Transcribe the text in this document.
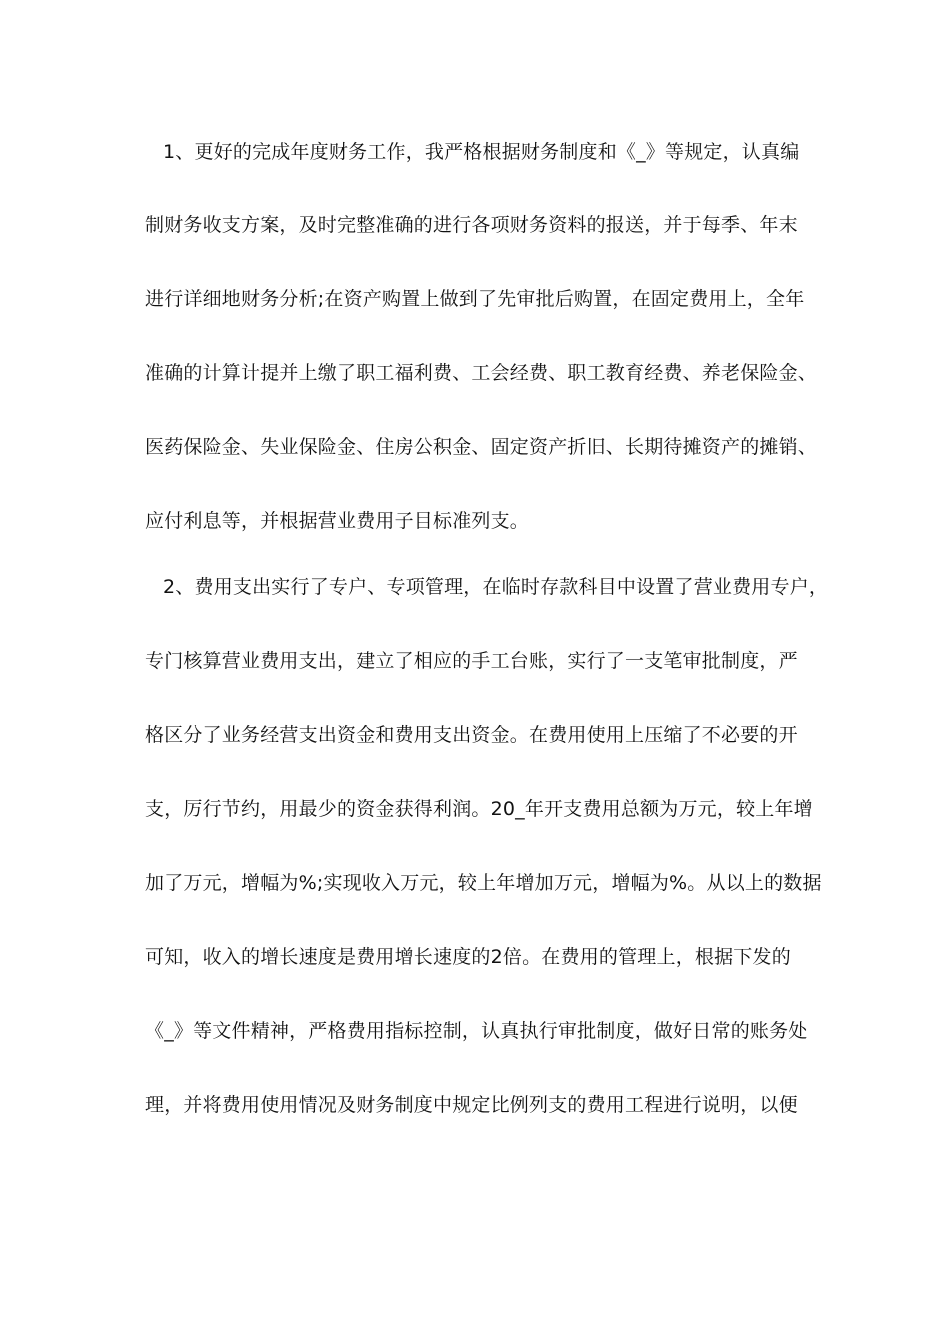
1、更好的完成年度财务工作，我严格根据财务制度和《_》等规定，认真编
制财务收支方案，及时完整准确的进行各项财务资料的报送，并于每季、年末
进行详细地财务分析;在资产购置上做到了先审批后购置，在固定费用上，全年
准确的计算计提并上缴了职工福利费、工会经费、职工教育经费、养老保险金、
医药保险金、失业保险金、住房公积金、固定资产折旧、长期待摊资产的摊销、
应付利息等，并根据营业费用子目标准列支。
2、费用支出实行了专户、专项管理，在临时存款科目中设置了营业费用专户，
专门核算营业费用支出，建立了相应的手工台账，实行了一支笔审批制度，严
格区分了业务经营支出资金和费用支出资金。在费用使用上压缩了不必要的开
支，厉行节约，用最少的资金获得利润。20_年开支费用总额为万元，较上年增
加了万元，增幅为%;实现收入万元，较上年增加万元，增幅为%。从以上的数据
可知，收入的增长速度是费用增长速度的2倍。在费用的管理上，根据下发的
《_》等文件精神，严格费用指标控制，认真执行审批制度，做好日常的账务处
理，并将费用使用情况及财务制度中规定比例列支的费用工程进行说明，以便
